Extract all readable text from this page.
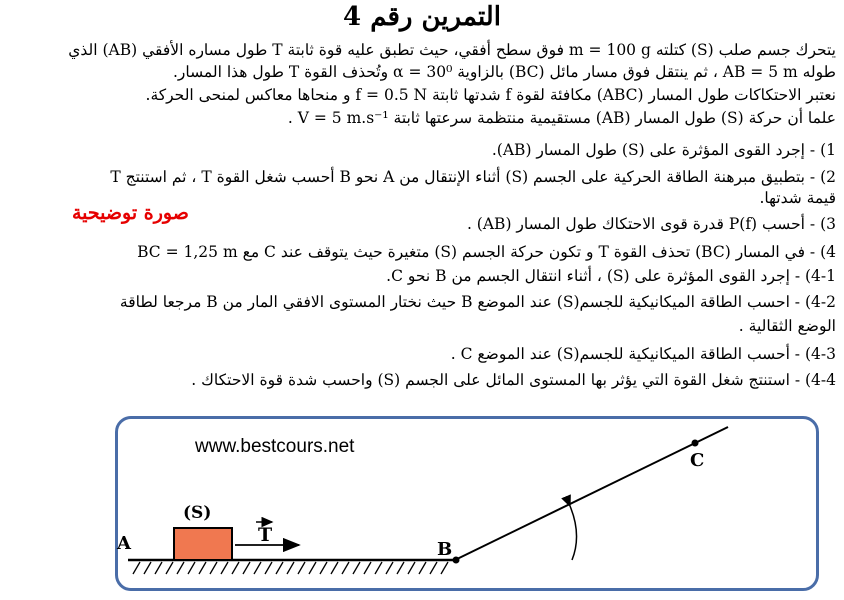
التمرين رقم 4
يتحرك جسم صلب (S) كتلته m = 100 g فوق سطح أفقي، حيث تطبق عليه قوة ثابتة T طول مساره الأفقي (AB) الذي
طوله AB = 5 m ، ثم ينتقل فوق مسار مائل (BC) بالزاوية α = 30⁰ وتُحذف القوة T طول هذا المسار.
نعتبر الاحتكاكات طول المسار (ABC) مكافئة لقوة f شدتها ثابتة f = 0.5 N و منحاها معاكس لمنحى الحركة.
علما أن حركة (S) طول المسار (AB) مستقيمية منتظمة سرعتها ثابتة V = 5 m.s⁻¹ .
1) - إجرد القوى المؤثرة على (S) طول المسار (AB).
2) - بتطبيق مبرهنة الطاقة الحركية على الجسم (S) أثناء الإنتقال من A نحو B أحسب شغل القوة T ، ثم استنتج T
قيمة شدتها.
3) - أحسب P(f) قدرة قوى الاحتكاك طول المسار (AB) .
4) - في المسار (BC) تحذف القوة T و تكون حركة الجسم (S) متغيرة حيث يتوقف عند C مع BC = 1,25 m
4-1) - إجرد القوى المؤثرة على (S) ، أثناء انتقال الجسم من B نحو C.
4-2) - احسب الطاقة الميكانيكية للجسم(S) عند الموضع B حيث نختار المستوى الافقي المار من B مرجعا لطاقة
الوضع الثقالية .
4-3) - أحسب الطاقة الميكانيكية للجسم(S) عند الموضع C .
4-4) - استنتج شغل القوة التي يؤثر بها المستوى المائل على الجسم (S) واحسب شدة قوة الاحتكاك .
صورة توضيحية
(S)
T
A	B
C
www.bestcours.net
